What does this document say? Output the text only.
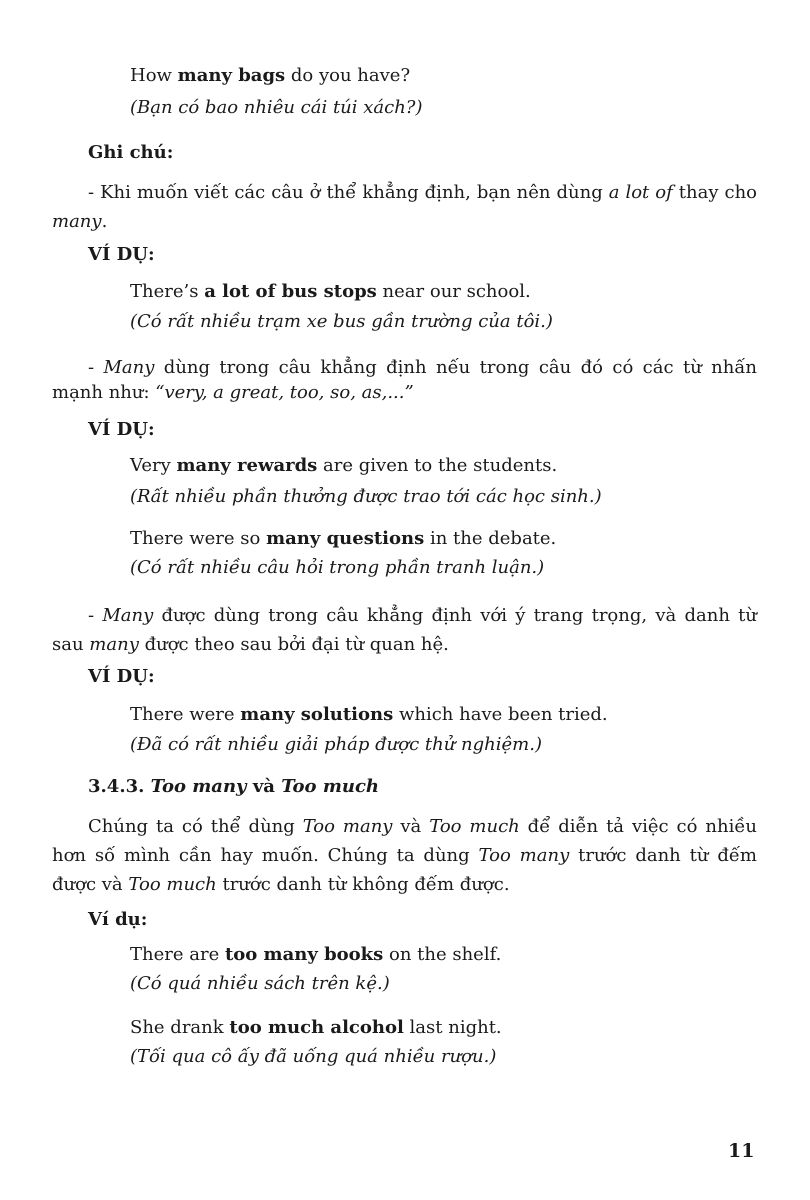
How many bags do you have?
(Bạn có bao nhiêu cái túi xách?)
Ghi chú:
- Khi muốn viết các câu ở thể khẳng định, bạn nên dùng a lot of thay cho many.
VÍ DỤ:
There’s a lot of bus stops near our school.
(Có rất nhiều trạm xe bus gần trường của tôi.)
- Many dùng trong câu khẳng định nếu trong câu đó có các từ nhấn mạnh như: “very, a great, too, so, as,...”
VÍ DỤ:
Very many rewards are given to the students.
(Rất nhiều phần thưởng được trao tới các học sinh.)
There were so many questions in the debate.
(Có rất nhiều câu hỏi trong phần tranh luận.)
- Many được dùng trong câu khẳng định với ý trang trọng, và danh từ sau many được theo sau bởi đại từ quan hệ.
VÍ DỤ:
There were many solutions which have been tried.
(Đã có rất nhiều giải pháp được thử nghiệm.)
3.4.3. Too many và Too much
Chúng ta có thể dùng Too many và Too much để diễn tả việc có nhiều hơn số mình cần hay muốn. Chúng ta dùng Too many trước danh từ đếm được và Too much trước danh từ không đếm được.
Ví dụ:
There are too many books on the shelf.
(Có quá nhiều sách trên kệ.)
She drank too much alcohol last night.
(Tối qua cô ấy đã uống quá nhiều rượu.)
11
